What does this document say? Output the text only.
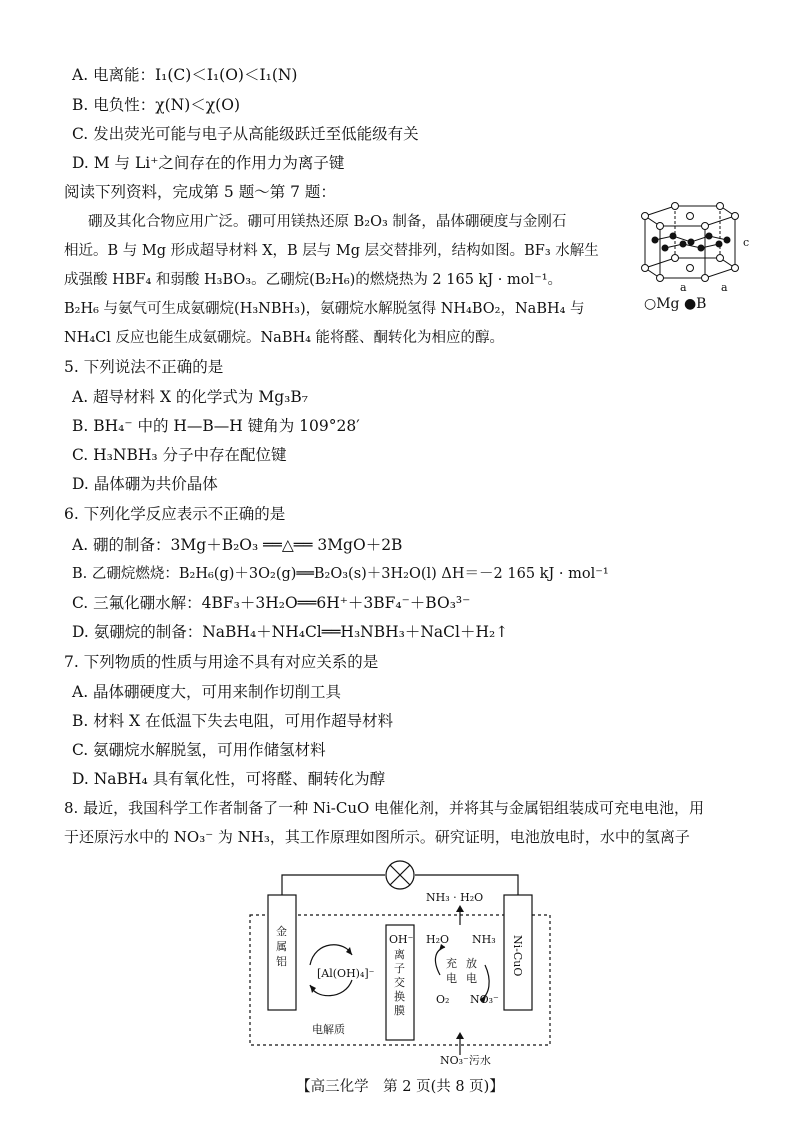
A. 电离能：I₁(C)＜I₁(O)＜I₁(N)
B. 电负性：χ(N)＜χ(O)
C. 发出荧光可能与电子从高能级跃迁至低能级有关
D. M 与 Li⁺之间存在的作用力为离子键
阅读下列资料，完成第 5 题～第 7 题：
硼及其化合物应用广泛。硼可用镁热还原 B₂O₃ 制备，晶体硼硬度与金刚石
相近。B 与 Mg 形成超导材料 X，B 层与 Mg 层交替排列，结构如图。BF₃ 水解生
成强酸 HBF₄ 和弱酸 H₃BO₃。乙硼烷(B₂H₆)的燃烧热为 2 165 kJ · mol⁻¹。
B₂H₆ 与氨气可生成氨硼烷(H₃NBH₃)，氨硼烷水解脱氢得 NH₄BO₂，NaBH₄ 与
NH₄Cl 反应也能生成氨硼烷。NaBH₄ 能将醛、酮转化为相应的醇。
a	a
c
○Mg ●B
5. 下列说法不正确的是
A. 超导材料 X 的化学式为 Mg₃B₇
B. BH₄⁻ 中的 H—B—H 键角为 109°28′
C. H₃NBH₃ 分子中存在配位键
D. 晶体硼为共价晶体
6. 下列化学反应表示不正确的是
A. 硼的制备：3Mg＋B₂O₃ ══△══ 3MgO＋2B
B. 乙硼烷燃烧：B₂H₆(g)＋3O₂(g)══B₂O₃(s)＋3H₂O(l) ΔH＝－2 165 kJ · mol⁻¹
C. 三氟化硼水解：4BF₃＋3H₂O══6H⁺＋3BF₄⁻＋BO₃³⁻
D. 氨硼烷的制备：NaBH₄＋NH₄Cl══H₃NBH₃＋NaCl＋H₂↑
7. 下列物质的性质与用途不具有对应关系的是
A. 晶体硼硬度大，可用来制作切削工具
B. 材料 X 在低温下失去电阻，可用作超导材料
C. 氨硼烷水解脱氢，可用作储氢材料
D. NaBH₄ 具有氧化性，可将醛、酮转化为醇
8. 最近，我国科学工作者制备了一种 Ni-CuO 电催化剂，并将其与金属铝组装成可充电电池，用
于还原污水中的 NO₃⁻ 为 NH₃，其工作原理如图所示。研究证明，电池放电时，水中的氢离子
金
属
铝	Ni-CuO
[Al(OH)₄]⁻
电解质
OH⁻
离
子
交
换
膜
NH₃ · H₂O
H₂O NH₃
充
电
放
电
O₂ NO₃⁻
NO₃⁻污水
【高三化学　第 2 页(共 8 页)】
